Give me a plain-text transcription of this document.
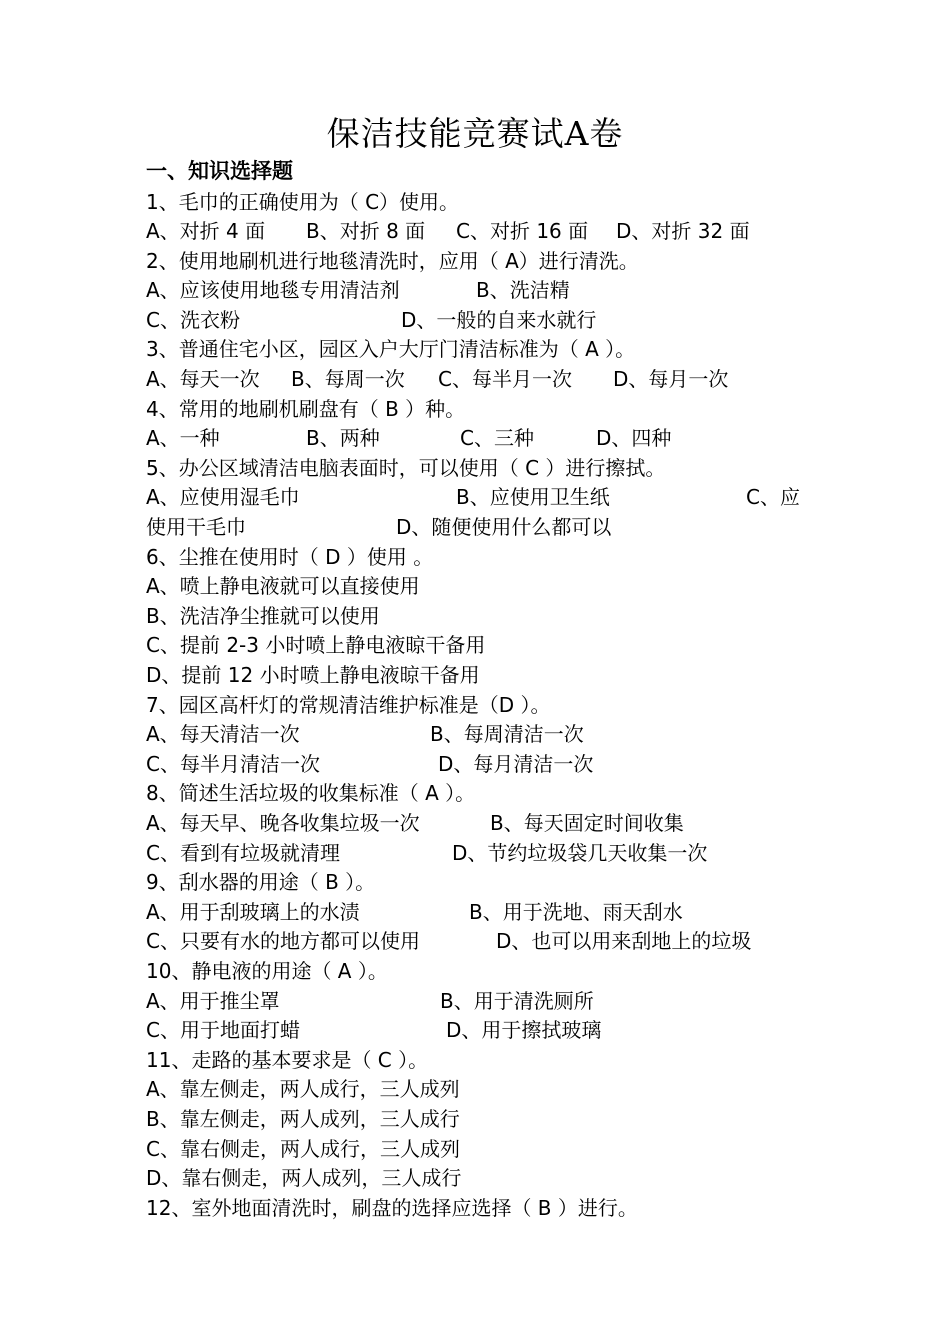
保洁技能竞赛试A卷
一、知识选择题
1、毛巾的正确使用为（ C）使用。
A、对折 4 面 B、对折 8 面 C、对折 16 面 D、对折 32 面
2、使用地刷机进行地毯清洗时，应用（ A）进行清洗。
A、应该使用地毯专用清洁剂	B、洗洁精
C、洗衣粉	D、一般的自来水就行
3、普通住宅小区，园区入户大厅门清洁标准为（ A ）。
A、每天一次 B、每周一次 C、每半月一次 D、每月一次
4、常用的地刷机刷盘有（ B ）种。
A、一种	B、两种	C、三种	D、四种
5、办公区域清洁电脑表面时，可以使用（ C ）进行擦拭。
A、应使用湿毛巾	B、应使用卫生纸	C、应
使用干毛巾	D、随便使用什么都可以
6、尘推在使用时（ D ）使用 。
A、喷上静电液就可以直接使用
B、洗洁净尘推就可以使用
C、提前 2-3 小时喷上静电液晾干备用
D、提前 12 小时喷上静电液晾干备用
7、园区高杆灯的常规清洁维护标准是（D ）。
A、每天清洁一次	B、每周清洁一次
C、每半月清洁一次	D、每月清洁一次
8、简述生活垃圾的收集标准（ A ）。
A、每天早、晚各收集垃圾一次	B、每天固定时间收集
C、看到有垃圾就清理	D、节约垃圾袋几天收集一次
9、刮水器的用途（ B ）。
A、用于刮玻璃上的水渍	B、用于洗地、雨天刮水
C、只要有水的地方都可以使用	D、也可以用来刮地上的垃圾
10、静电液的用途（ A ）。
A、用于推尘罩	B、用于清洗厕所
C、用于地面打蜡	D、用于擦拭玻璃
11、走路的基本要求是（ C ）。
A、靠左侧走，两人成行，三人成列
B、靠左侧走，两人成列，三人成行
C、靠右侧走，两人成行，三人成列
D、靠右侧走，两人成列，三人成行
12、室外地面清洗时，刷盘的选择应选择（ B ）进行。
